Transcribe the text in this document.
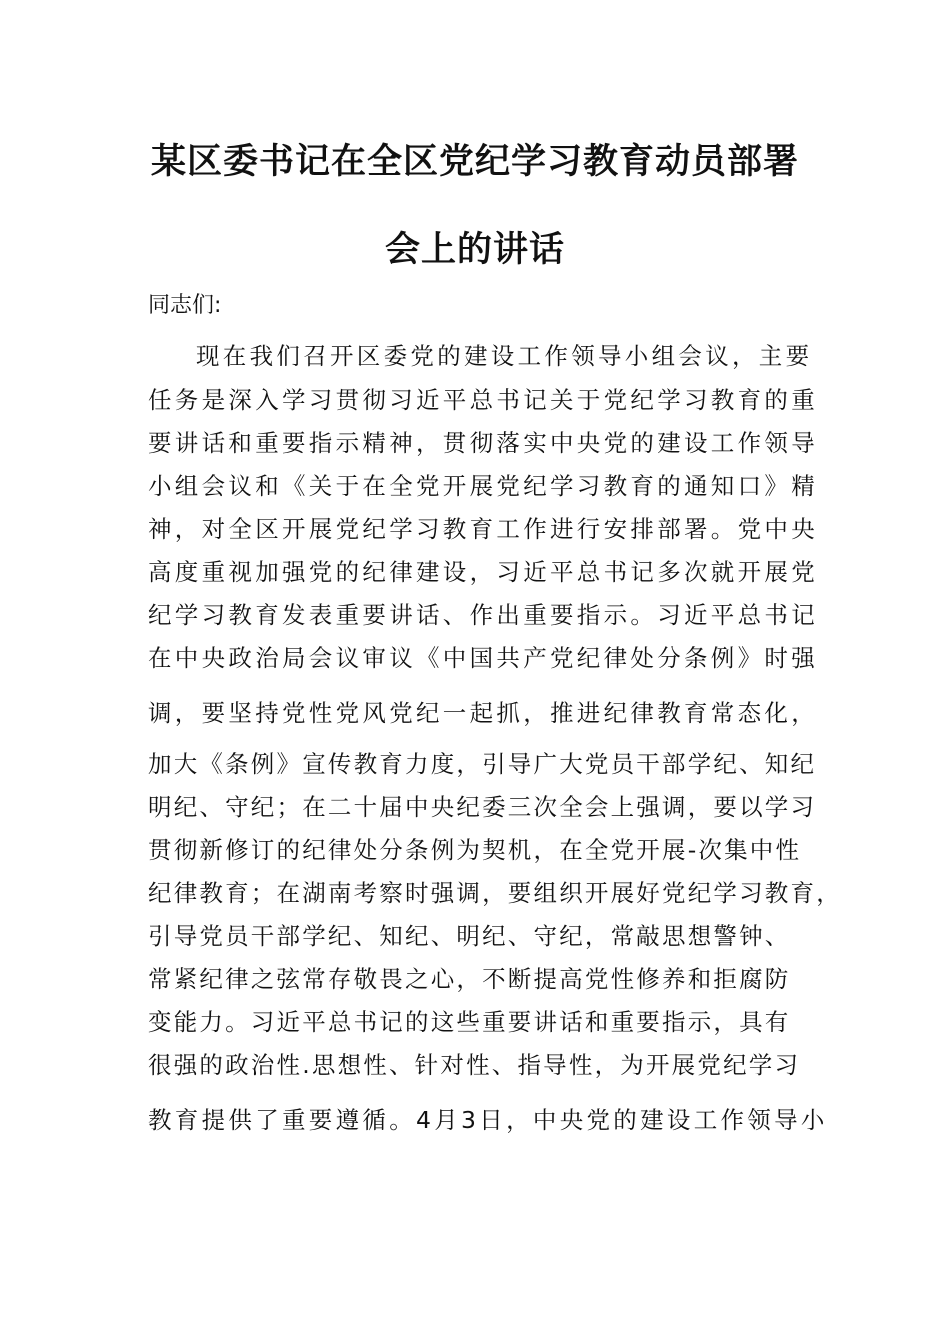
某区委书记在全区党纪学习教育动员部署
会上的讲话
同志们:
现在我们召开区委党的建设工作领导小组会议，主要
任务是深入学习贯彻习近平总书记关于党纪学习教育的重
要讲话和重要指示精神，贯彻落实中央党的建设工作领导
小组会议和《关于在全党开展党纪学习教育的通知口》精
神，对全区开展党纪学习教育工作进行安排部署。党中央
高度重视加强党的纪律建设，习近平总书记多次就开展党
纪学习教育发表重要讲话、作出重要指示。习近平总书记
在中央政治局会议审议《中国共产党纪律处分条例》时强
调，要坚持党性党风党纪一起抓，推进纪律教育常态化，
加大《条例》宣传教育力度，引导广大党员干部学纪、知纪
明纪、守纪；在二十届中央纪委三次全会上强调，要以学习
贯彻新修订的纪律处分条例为契机，在全党开展-次集中性
纪律教育；在湖南考察时强调，要组织开展好党纪学习教育，
引导党员干部学纪、知纪、明纪、守纪，常敲思想警钟、
常紧纪律之弦常存敬畏之心，不断提高党性修养和拒腐防
变能力。习近平总书记的这些重要讲话和重要指示，具有
很强的政治性.思想性、针对性、指导性，为开展党纪学习
教育提供了重要遵循。4月3日，中央党的建设工作领导小
